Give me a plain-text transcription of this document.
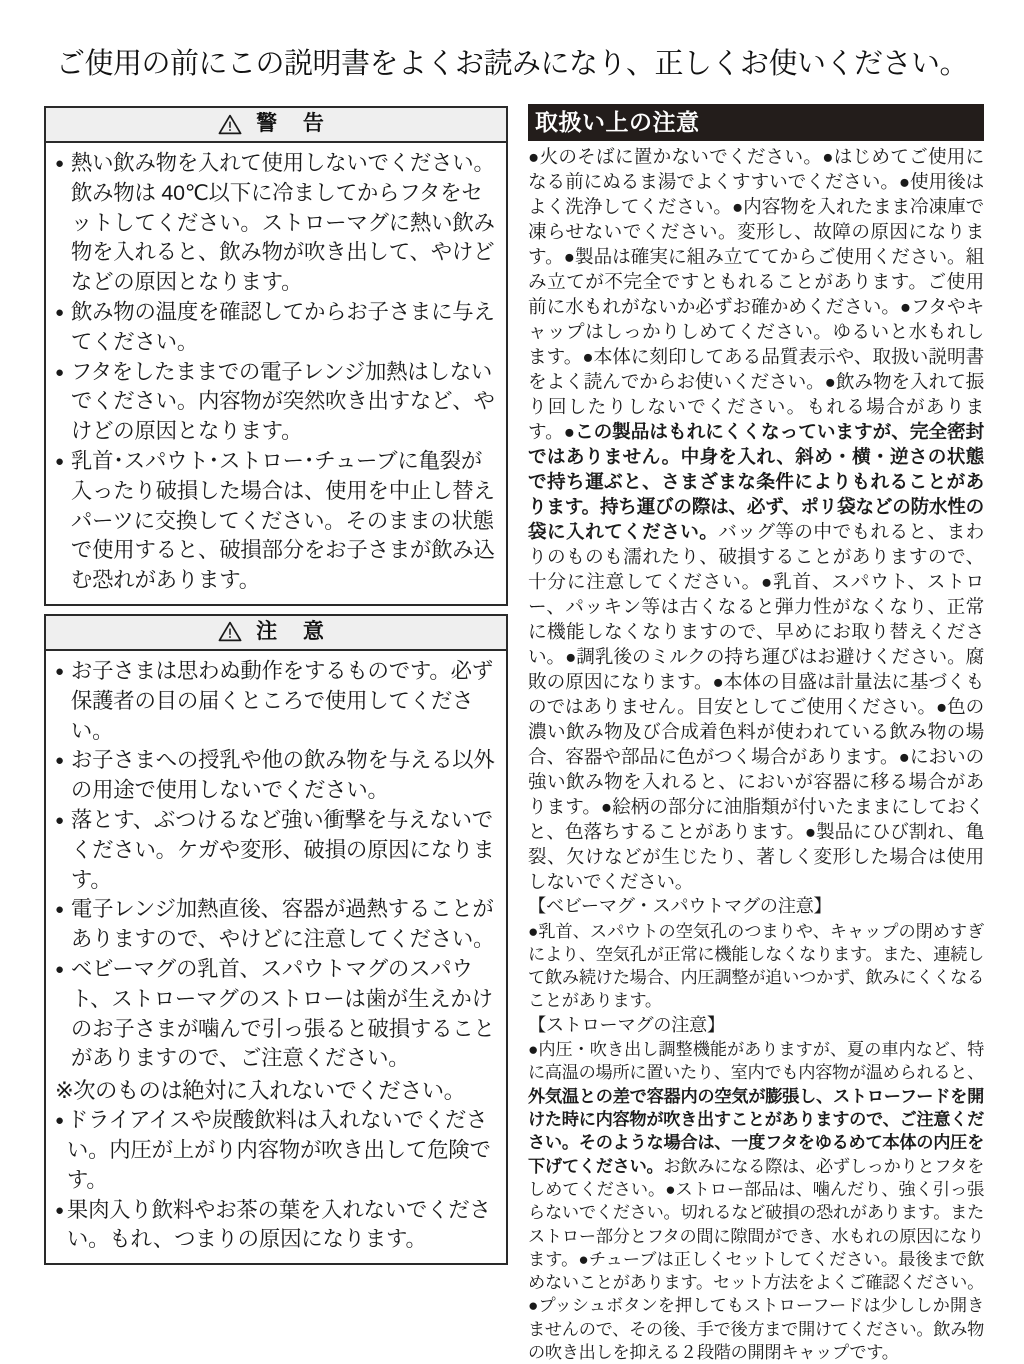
ご使用の前にこの説明書をよくお読みになり、正しくお使いください。
警 告
● 熱い飲み物を入れて使用しないでください。飲み物は 40℃以下に冷ましてからフタをセットしてください。ストローマグに熱い飲み物を入れると、飲み物が吹き出して、やけどなどの原因となります。
● 飲み物の温度を確認してからお子さまに与えてください。
● フタをしたままでの電子レンジ加熱はしないでください。内容物が突然吹き出すなど、やけどの原因となります。
● 乳首･スパウト･ストロー･チューブに亀裂が入ったり破損した場合は、使用を中止し替えパーツに交換してください。そのままの状態で使用すると、破損部分をお子さまが飲み込む恐れがあります。
注 意
● お子さまは思わぬ動作をするものです。必ず保護者の目の届くところで使用してください。
● お子さまへの授乳や他の飲み物を与える以外の用途で使用しないでください。
● 落とす、ぶつけるなど強い衝撃を与えないでください。ケガや変形、破損の原因になります。
● 電子レンジ加熱直後、容器が過熱することがありますので、やけどに注意してください。
● ベビーマグの乳首、スパウトマグのスパウト、ストローマグのストローは歯が生えかけのお子さまが噛んで引っ張ると破損することがありますので、ご注意ください。
※次のものは絶対に入れないでください。
● ドライアイスや炭酸飲料は入れないでください。内圧が上がり内容物が吹き出して危険です。
● 果肉入り飲料やお茶の葉を入れないでください。もれ、つまりの原因になります。
取扱い上の注意

●火のそばに置かないでください。●はじめてご使用になる前にぬるま湯でよくすすいでください。●使用後はよく洗浄してください。●内容物を入れたまま冷凍庫で凍らせないでください。変形し、故障の原因になります。●製品は確実に組み立ててからご使用ください。組み立てが不完全ですともれることがあります。ご使用前に水もれがないか必ずお確かめください。●フタやキャップはしっかりしめてください。ゆるいと水もれします。●本体に刻印してある品質表示や、取扱い説明書をよく読んでからお使いください。●飲み物を入れて振り回したりしないでください。もれる場合があります。●この製品はもれにくくなっていますが、完全密封ではありません。中身を入れ、斜め・横・逆さの状態で持ち運ぶと、さまざまな条件によりもれることがあります。持ち運びの際は、必ず、ポリ袋などの防水性の袋に入れてください。バッグ等の中でもれると、まわりのものも濡れたり、破損することがありますので、十分に注意してください。●乳首、スパウト、ストロー、パッキン等は古くなると弾力性がなくなり、正常に機能しなくなりますので、早めにお取り替えください。●調乳後のミルクの持ち運びはお避けください。腐敗の原因になります。●本体の目盛は計量法に基づくものではありません。目安としてご使用ください。●色の濃い飲み物及び合成着色料が使われている飲み物の場合、容器や部品に色がつく場合があります。●においの強い飲み物を入れると、においが容器に移る場合があります。●絵柄の部分に油脂類が付いたままにしておくと、色落ちすることがあります。●製品にひび割れ、亀裂、欠けなどが生じたり、著しく変形した場合は使用しないでください。

【ベビーマグ・スパウトマグの注意】

●乳首、スパウトの空気孔のつまりや、キャップの閉めすぎにより、空気孔が正常に機能しなくなります。また、連続して飲み続けた場合、内圧調整が追いつかず、飲みにくくなることがあります。

【ストローマグの注意】

●内圧・吹き出し調整機能がありますが、夏の車内など、特に高温の場所に置いたり、室内でも内容物が温められると、外気温との差で容器内の空気が膨張し、ストローフードを開けた時に内容物が吹き出すことがありますので、ご注意ください。そのような場合は、一度フタをゆるめて本体の内圧を下げてください。お飲みになる際は、必ずしっかりとフタをしめてください。●ストロー部品は、噛んだり、強く引っ張らないでください。切れるなど破損の恐れがあります。またストロー部分とフタの間に隙間ができ、水もれの原因になります。●チューブは正しくセットしてください。最後まで飲めないことがあります。セット方法をよくご確認ください。●プッシュボタンを押してもストローフードは少ししか開きませんので、その後、手で後方まで開けてください。飲み物の吹き出しを抑える２段階の開閉キャップです。
